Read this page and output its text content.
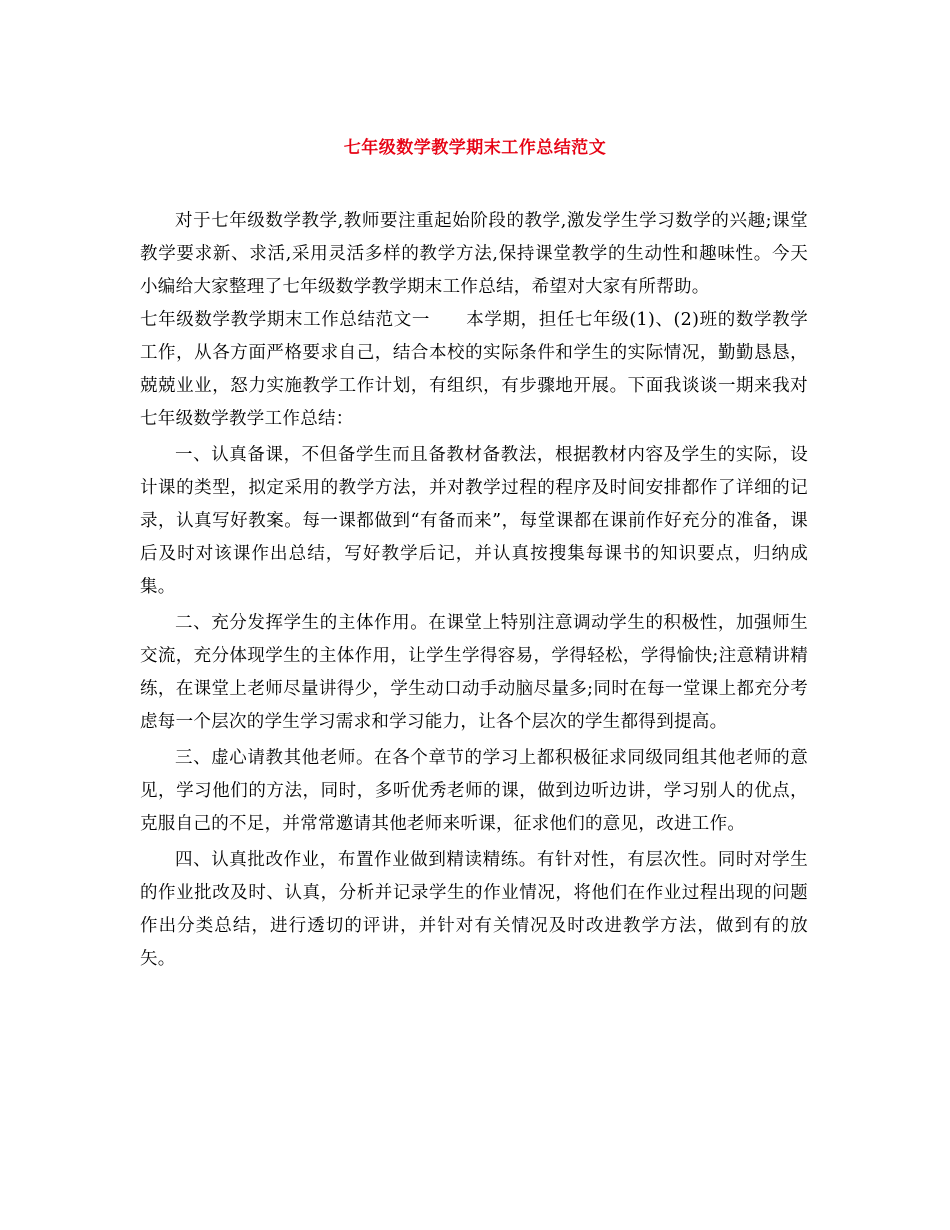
七年级数学教学期末工作总结范文

对于七年级数学教学,教师要注重起始阶段的教学,激发学生学习数学的兴趣;课堂教学要求新、求活,采用灵活多样的教学方法,保持课堂教学的生动性和趣味性。今天小编给大家整理了七年级数学教学期末工作总结，希望对大家有所帮助。

七年级数学教学期末工作总结范文一　　本学期，担任七年级(1)、(2)班的数学教学工作，从各方面严格要求自己，结合本校的实际条件和学生的实际情况，勤勤恳恳，兢兢业业，怒力实施教学工作计划，有组织，有步骤地开展。下面我谈谈一期来我对七年级数学教学工作总结：

一、认真备课，不但备学生而且备教材备教法，根据教材内容及学生的实际，设计课的类型，拟定采用的教学方法，并对教学过程的程序及时间安排都作了详细的记录，认真写好教案。每一课都做到“有备而来”，每堂课都在课前作好充分的准备，课后及时对该课作出总结，写好教学后记，并认真按搜集每课书的知识要点，归纳成集。

二、充分发挥学生的主体作用。在课堂上特别注意调动学生的积极性，加强师生交流，充分体现学生的主体作用，让学生学得容易，学得轻松，学得愉快;注意精讲精练，在课堂上老师尽量讲得少，学生动口动手动脑尽量多;同时在每一堂课上都充分考虑每一个层次的学生学习需求和学习能力，让各个层次的学生都得到提高。

三、虚心请教其他老师。在各个章节的学习上都积极征求同级同组其他老师的意见，学习他们的方法，同时，多听优秀老师的课，做到边听边讲，学习别人的优点，克服自己的不足，并常常邀请其他老师来听课，征求他们的意见，改进工作。

四、认真批改作业，布置作业做到精读精练。有针对性，有层次性。同时对学生的作业批改及时、认真，分析并记录学生的作业情况，将他们在作业过程出现的问题作出分类总结，进行透切的评讲，并针对有关情况及时改进教学方法，做到有的放矢。
